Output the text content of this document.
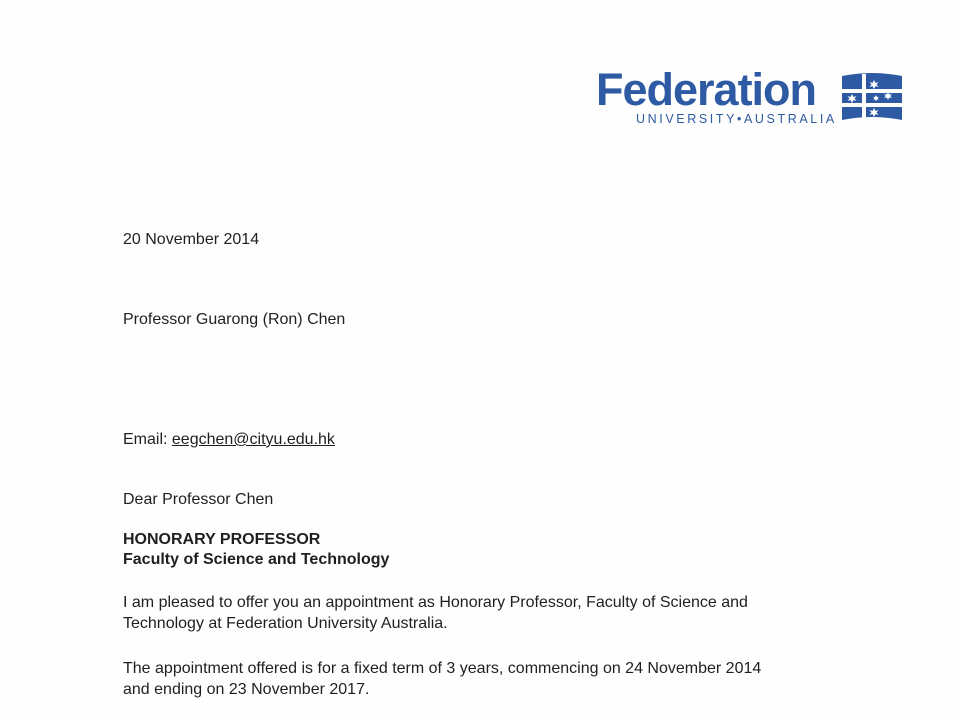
Federation
UNIVERSITY•AUSTRALIA
20 November 2014
Professor Guarong (Ron) Chen
Email: eegchen@cityu.edu.hk
Dear Professor Chen
HONORARY PROFESSOR
Faculty of Science and Technology
I am pleased to offer you an appointment as Honorary Professor, Faculty of Science and
Technology at Federation University Australia.
The appointment offered is for a fixed term of 3 years, commencing on 24 November 2014
and ending on 23 November 2017.
